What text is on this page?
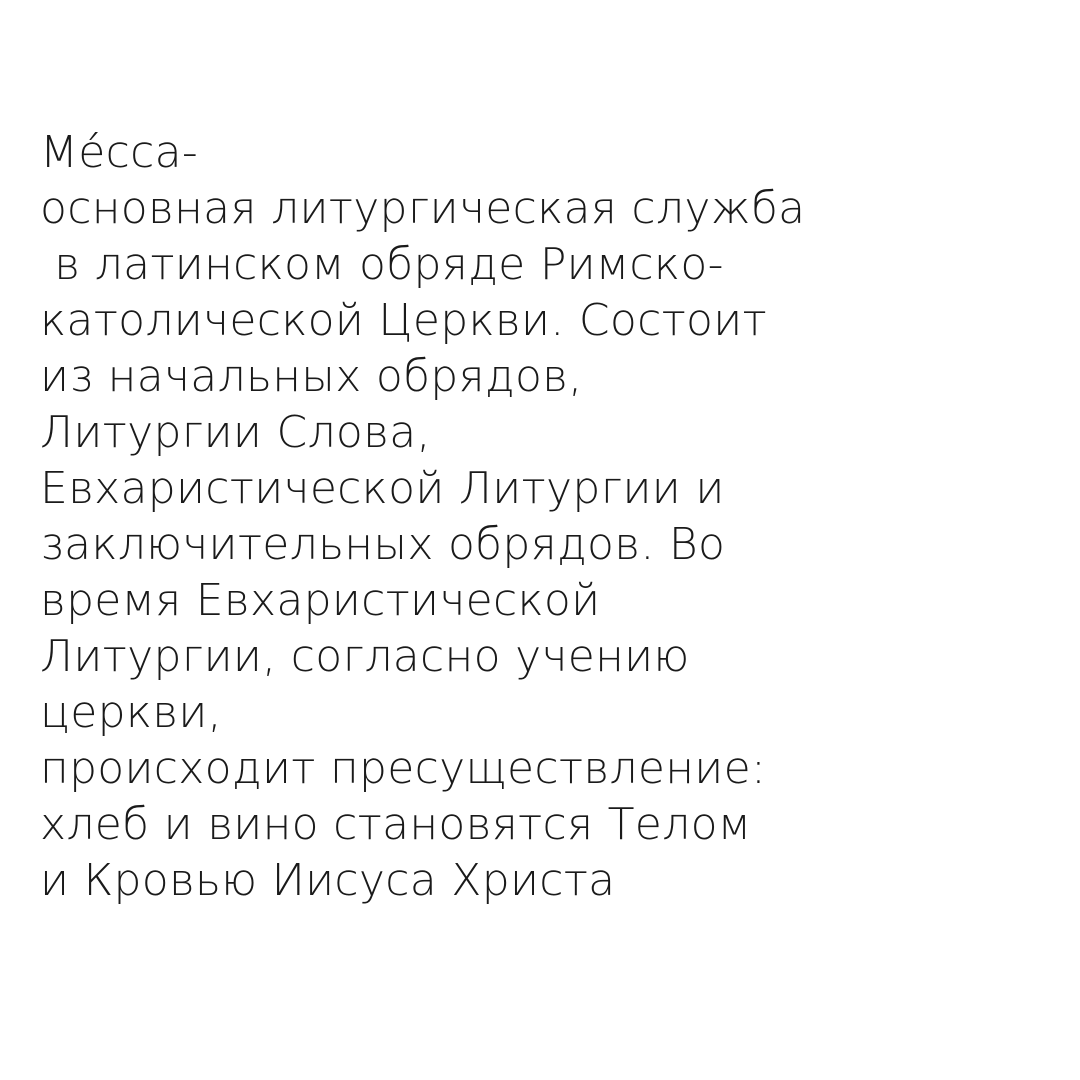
Mécca-
основная литургическая служба
в латинском обряде Римско-
католической Церкви. Состоит
из начальных обрядов,
Литургии Слова,
Евхаристической Литургии и
заключительных обрядов. Во
время Евхаристической
Литургии, согласно учению
церкви,
происходит пресуществление:
хлеб и вино становятся Телом
и Кровью Иисуса Христа
